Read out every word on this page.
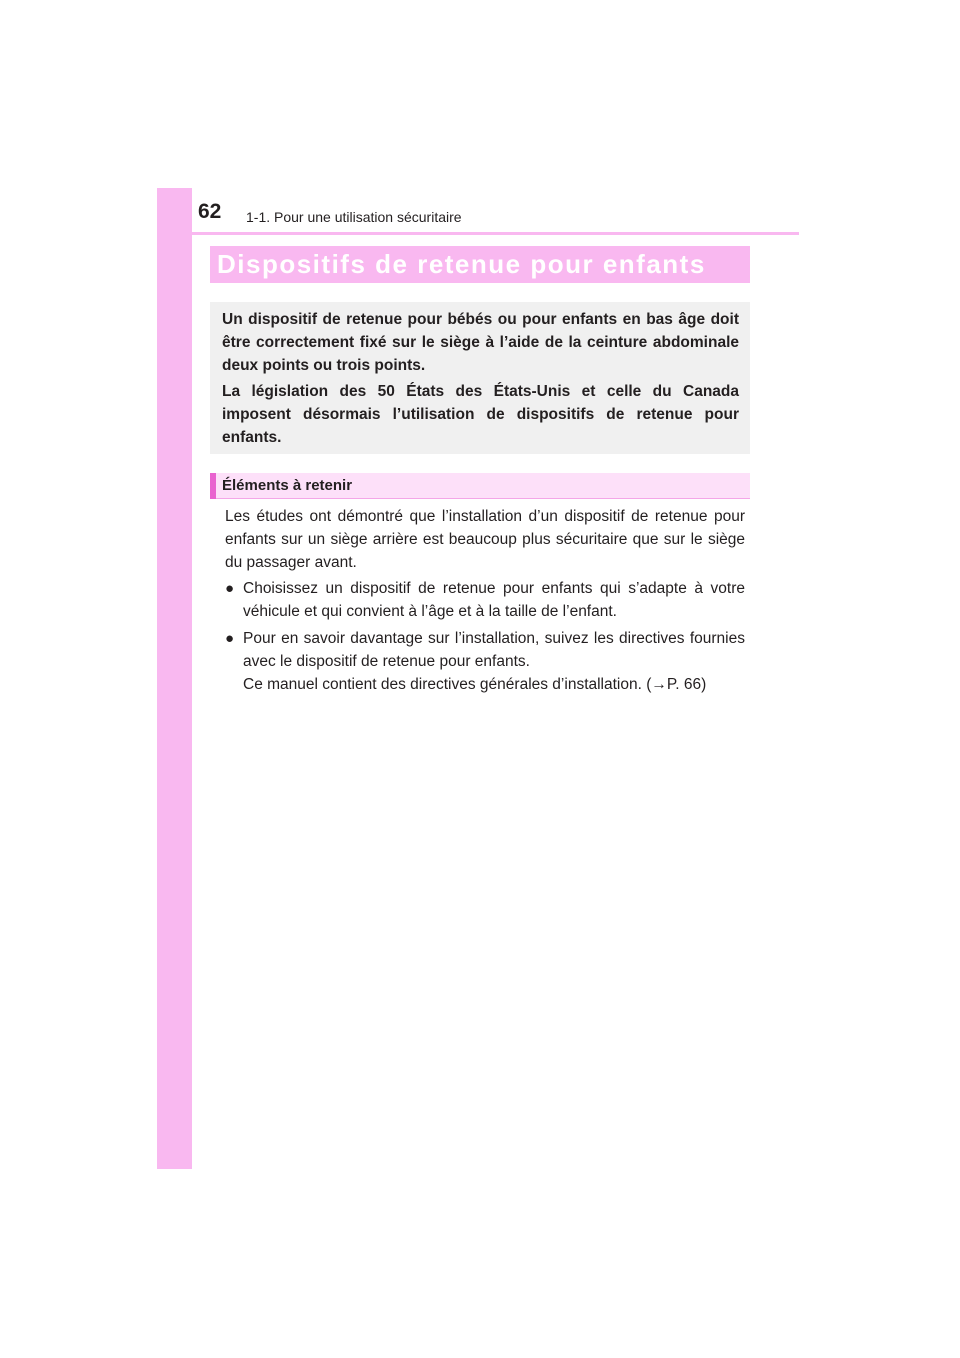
62 1-1. Pour une utilisation sécuritaire
Dispositifs de retenue pour enfants

Un dispositif de retenue pour bébés ou pour enfants en bas âge doit être correctement fixé sur le siège à l’aide de la ceinture abdominale deux points ou trois points.

La législation des 50 États des États-Unis et celle du Canada imposent désormais l’utilisation de dispositifs de retenue pour enfants.

Éléments à retenir

Les études ont démontré que l’installation d’un dispositif de retenue pour enfants sur un siège arrière est beaucoup plus sécuritaire que sur le siège du passager avant.

● Choisissez un dispositif de retenue pour enfants qui s’adapte à votre véhicule et qui convient à l’âge et à la taille de l’enfant.

● Pour en savoir davantage sur l’installation, suivez les directives fournies avec le dispositif de retenue pour enfants.

Ce manuel contient des directives générales d’installation. (→P. 66)
